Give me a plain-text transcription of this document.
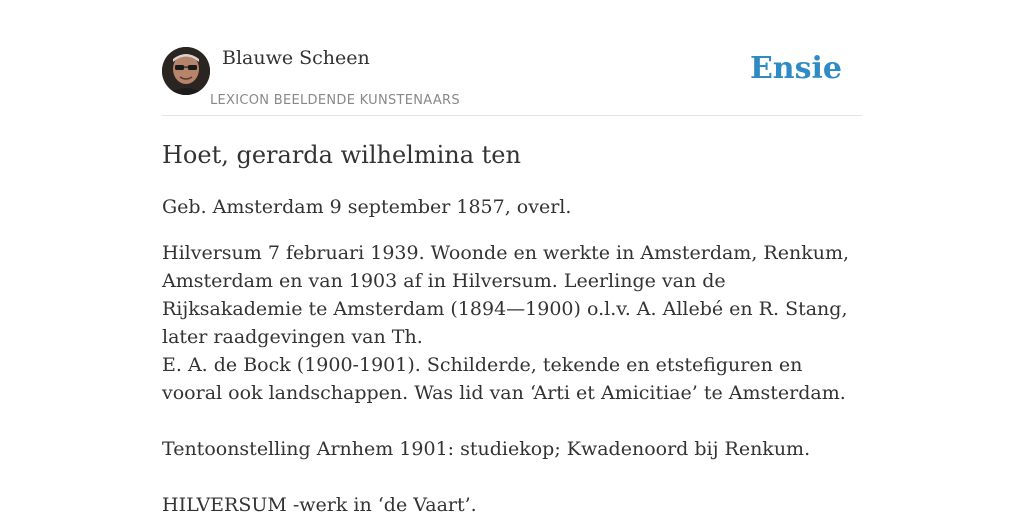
Blauwe Scheen
LEXICON BEELDENDE KUNSTENAARS
Ensie
Hoet, gerarda wilhelmina ten

Geb. Amsterdam 9 september 1857, overl.

Hilversum 7 februari 1939. Woonde en werkte in Amsterdam, Renkum, Amsterdam en van 1903 af in Hilversum. Leerlinge van de Rijksakademie te Amsterdam (1894—1900) o.l.v. A. Allebé en R. Stang, later raadgevingen van Th.

E. A. de Bock (1900-1901). Schilderde, tekende en etstefiguren en vooral ook landschappen. Was lid van ‘Arti et Amicitiae’ te Amsterdam.

Tentoonstelling Arnhem 1901: studiekop; Kwadenoord bij Renkum.

HILVERSUM -werk in ‘de Vaart’.
